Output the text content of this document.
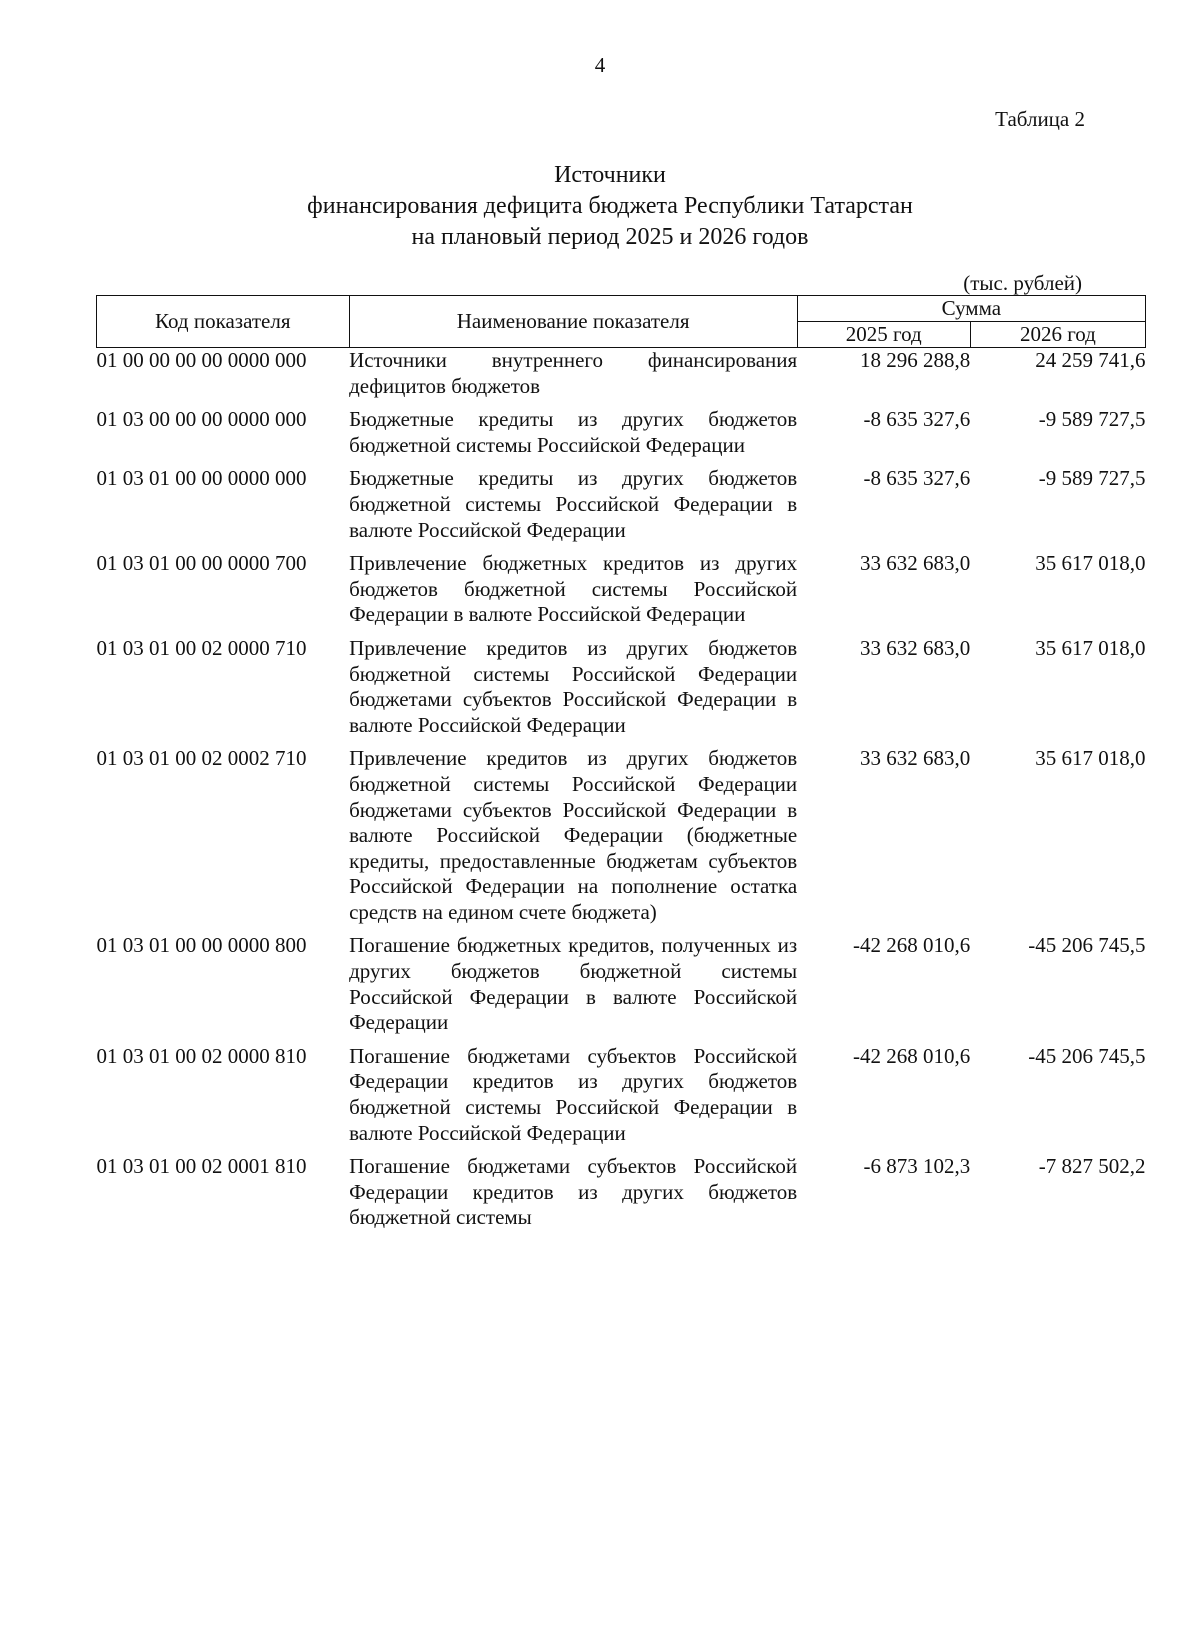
4
Таблица 2
Источники
финансирования дефицита бюджета Республики Татарстан
на плановый период 2025 и 2026 годов
(тыс. рублей)
Код показателя	Наименование показателя	Сумма	
		2025 год	2026 год
01 00 00 00 00 0000 000	Источники внутреннего финансирования дефицитов бюджетов	18 296 288,8	24 259 741,6
01 03 00 00 00 0000 000	Бюджетные кредиты из других бюджетов бюджетной системы Российской Федерации	-8 635 327,6	-9 589 727,5
01 03 01 00 00 0000 000	Бюджетные кредиты из других бюджетов бюджетной системы Российской Федерации в валюте Российской Федерации	-8 635 327,6	-9 589 727,5
01 03 01 00 00 0000 700	Привлечение бюджетных кредитов из других бюджетов бюджетной системы Российской Федерации в валюте Российской Федерации	33 632 683,0	35 617 018,0
01 03 01 00 02 0000 710	Привлечение кредитов из других бюджетов бюджетной системы Российской Федерации бюджетами субъектов Российской Федерации в валюте Российской Федерации	33 632 683,0	35 617 018,0
01 03 01 00 02 0002 710	Привлечение кредитов из других бюджетов бюджетной системы Российской Федерации бюджетами субъектов Российской Федерации в валюте Российской Федерации (бюджетные кредиты, предоставленные бюджетам субъектов Российской Федерации на пополнение остатка средств на едином счете бюджета)	33 632 683,0	35 617 018,0
01 03 01 00 00 0000 800	Погашение бюджетных кредитов, полученных из других бюджетов бюджетной системы Российской Федерации в валюте Российской Федерации	-42 268 010,6	-45 206 745,5
01 03 01 00 02 0000 810	Погашение бюджетами субъектов Российской Федерации кредитов из других бюджетов бюджетной системы Российской Федерации в валюте Российской Федерации	-42 268 010,6	-45 206 745,5
01 03 01 00 02 0001 810	Погашение бюджетами субъектов Российской Федерации кредитов из других бюджетов бюджетной системы	-6 873 102,3	-7 827 502,2
